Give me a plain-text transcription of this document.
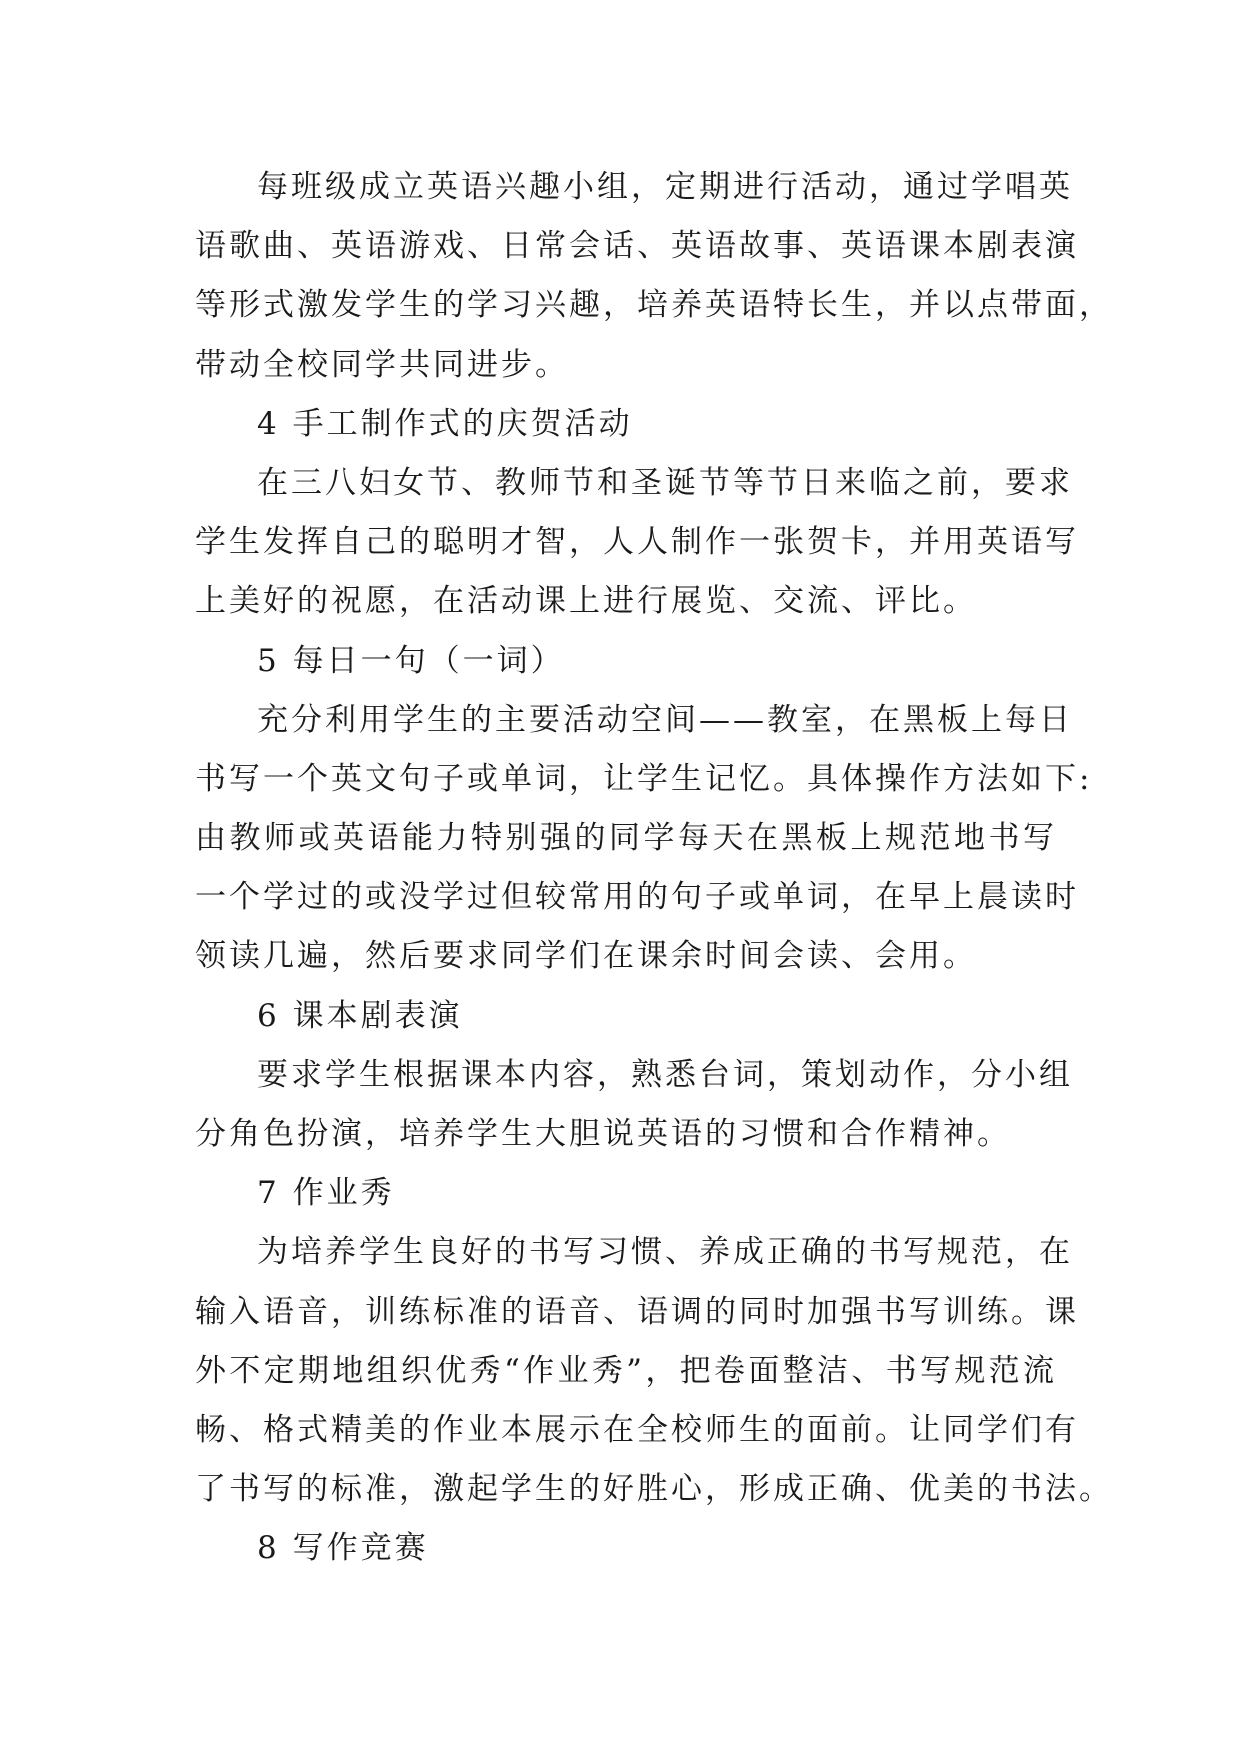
每班级成立英语兴趣小组，定期进行活动，通过学唱英
语歌曲、英语游戏、日常会话、英语故事、英语课本剧表演
等形式激发学生的学习兴趣，培养英语特长生，并以点带面，
带动全校同学共同进步。
4 手工制作式的庆贺活动
在三八妇女节、教师节和圣诞节等节日来临之前，要求
学生发挥自己的聪明才智，人人制作一张贺卡，并用英语写
上美好的祝愿，在活动课上进行展览、交流、评比。
5 每日一句（一词）
充分利用学生的主要活动空间——教室，在黑板上每日
书写一个英文句子或单词，让学生记忆。具体操作方法如下:
由教师或英语能力特别强的同学每天在黑板上规范地书写
一个学过的或没学过但较常用的句子或单词，在早上晨读时
领读几遍，然后要求同学们在课余时间会读、会用。
6 课本剧表演
要求学生根据课本内容，熟悉台词，策划动作，分小组
分角色扮演，培养学生大胆说英语的习惯和合作精神。
7 作业秀
为培养学生良好的书写习惯、养成正确的书写规范，在
输入语音，训练标准的语音、语调的同时加强书写训练。课
外不定期地组织优秀“作业秀”，把卷面整洁、书写规范流
畅、格式精美的作业本展示在全校师生的面前。让同学们有
了书写的标准，激起学生的好胜心，形成正确、优美的书法。
8 写作竞赛
